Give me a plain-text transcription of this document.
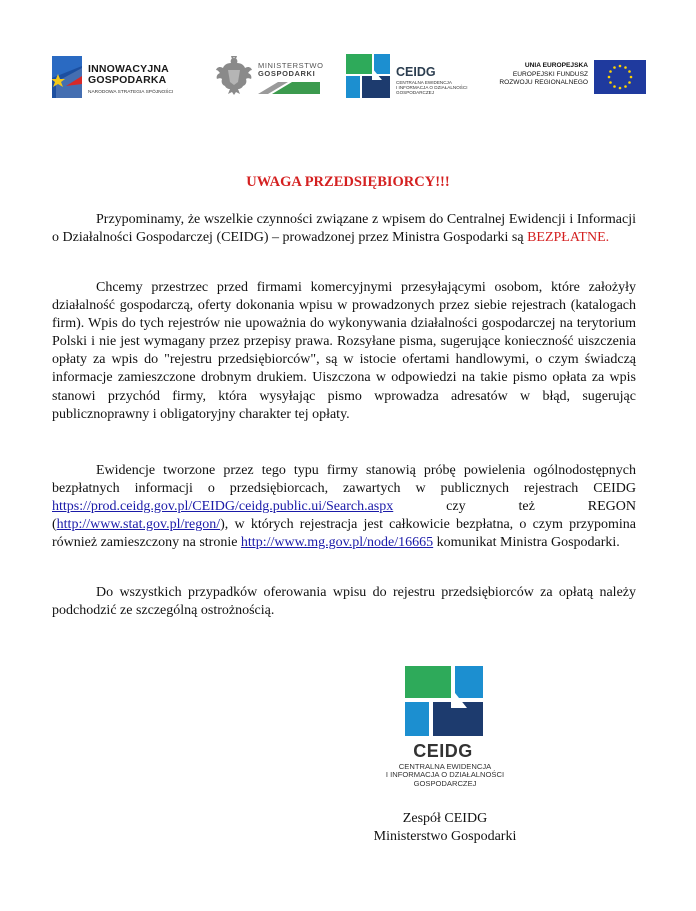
INNOWACYJNA
GOSPODARKA
NARODOWA STRATEGIA SPÓJNOŚCI
MINISTERSTWO
GOSPODARKI	CEIDG
CENTRALNA EWIDENCJA
I INFORMACJA O DZIAŁALNOŚCI
GOSPODARCZEJ
UNIA EUROPEJSKA
EUROPEJSKI FUNDUSZ
ROZWOJU REGIONALNEGO
UWAGA PRZEDSIĘBIORCY!!!
Przypominamy, że wszelkie czynności związane z wpisem do Centralnej Ewidencji i Informacji o Działalności Gospodarczej (CEIDG) – prowadzonej przez Ministra Gospodarki są BEZPŁATNE.
Chcemy przestrzec przed firmami komercyjnymi przesyłającymi osobom, które założyły działalność gospodarczą, oferty dokonania wpisu w prowadzonych przez siebie rejestrach (katalogach firm). Wpis do tych rejestrów nie upoważnia do wykonywania działalności gospodarczej na terytorium Polski i nie jest wymagany przez przepisy prawa. Rozsyłane pisma, sugerujące konieczność uiszczenia opłaty za wpis do "rejestru przedsiębiorców", są w istocie ofertami handlowymi, o czym świadczą informacje zamieszczone drobnym drukiem. Uiszczona w odpowiedzi na takie pismo opłata za wpis stanowi przychód firmy, która wysyłając pismo wprowadza adresatów w błąd, sugerując publicznoprawny i obligatoryjny charakter tej opłaty.
Ewidencje tworzone przez tego typu firmy stanowią próbę powielenia ogólnodostępnych bezpłatnych informacji o przedsiębiorcach, zawartych w publicznych rejestrach CEIDG https://prod.ceidg.gov.pl/CEIDG/ceidg.public.ui/Search.aspx czy też REGON (http://www.stat.gov.pl/regon/), w których rejestracja jest całkowicie bezpłatna, o czym przypomina również zamieszczony na stronie http://www.mg.gov.pl/node/16665 komunikat Ministra Gospodarki.
Do wszystkich przypadków oferowania wpisu do rejestru przedsiębiorców za opłatą należy podchodzić ze szczególną ostrożnością.
CEIDG
CENTRALNA EWIDENCJA
I INFORMACJA O DZIAŁALNOŚCI
GOSPODARCZEJ
Zespół CEIDG
Ministerstwo Gospodarki
